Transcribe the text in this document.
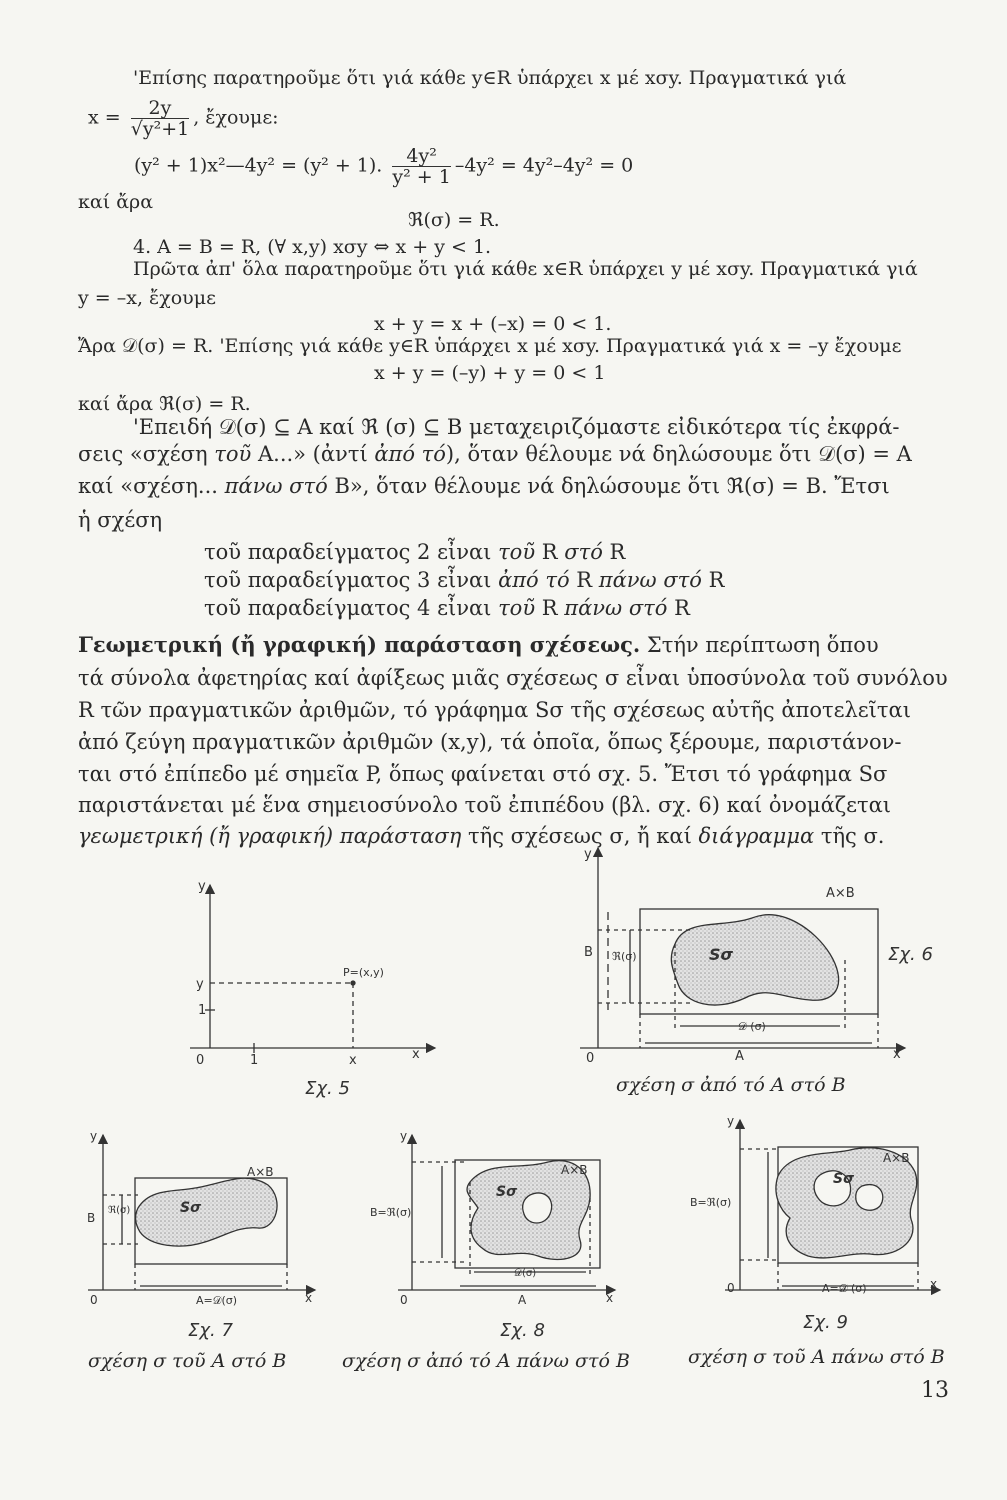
'Επίσης παρατηροῦμε ὅτι γιά κάθε y∈R ὑπάρχει x μέ xσy. Πραγματικά γιά
$x = \frac{2y}{\text{√y²+1}}$ , ἔχουμε:
(y² + 1)x²—4y² = (y² + 1). $\frac{\text{4y²}}{\text{y² + 1}} -4y^2 = 4y^2-4y^2 = 0$
καί ἄρα
ℜ(σ) = R.
4. A = B = R, (∀ x,y) xσy ⇔ x + y < 1.
Πρῶτα ἀπ' ὅλα παρατηροῦμε ὅτι γιά κάθε x∈R ὑπάρχει y μέ xσy. Πραγματικά γιά
y = –x, ἔχουμε
x + y = x + (–x) = 0 < 1.
Ἄρα 𝒟(σ) = R. 'Επίσης γιά κάθε y∈R ὑπάρχει x μέ xσy. Πραγματικά γιά x = –y ἔχουμε
x + y = (–y) + y = 0 < 1
καί ἄρα ℜ(σ) = R.
'Επειδή 𝒟(σ) ⊆ A καί ℜ (σ) ⊆ B μεταχειριζόμαστε εἰδικότερα τίς ἐκφρά-
σεις «σχέση τοῦ A...» (ἀντί ἀπό τό), ὅταν θέλουμε νά δηλώσουμε ὅτι 𝒟(σ) = A
καί «σχέση... πάνω στό B», ὅταν θέλουμε νά δηλώσουμε ὅτι ℜ(σ) = B. Ἔτσι
ἡ σχέση
τοῦ παραδείγματος 2 εἶναι τοῦ R στό R
τοῦ παραδείγματος 3 εἶναι ἀπό τό R πάνω στό R
τοῦ παραδείγματος 4 εἶναι τοῦ R πάνω στό R
Γεωμετρική (ἤ γραφική) παράσταση σχέσεως. Στήν περίπτωση ὅπου
τά σύνολα ἀφετηρίας καί ἀφίξεως μιᾶς σχέσεως σ εἶναι ὑποσύνολα τοῦ συνόλου
R τῶν πραγματικῶν ἀριθμῶν, τό γράφημα Sσ τῆς σχέσεως αὐτῆς ἀποτελεῖται
ἀπό ζεύγη πραγματικῶν ἀριθμῶν (x,y), τά ὁποῖα, ὅπως ξέρουμε, παριστάνον-
ται στό ἐπίπεδο μέ σημεῖα P, ὅπως φαίνεται στό σχ. 5. Ἔτσι τό γράφημα Sσ
παριστάνεται μέ ἕνα σημειοσύνολο τοῦ ἐπιπέδου (βλ. σχ. 6) καί ὀνομάζεται
γεωμετρική (ἤ γραφική) παράσταση τῆς σχέσεως σ, ἤ καί διάγραμμα τῆς σ.
y
y
1
0	1	x	x
P=(x,y)
Σχ. 5
y
A×B
B ℜ(σ)	Sσ
𝒟 (σ)
A
0	x
Σχ. 6
y
A×B
B
ℜ(σ)	Sσ
A=𝒟(σ)
0	x
Σχ. 7
y
A×B
B=ℜ(σ)
Sσ
𝒟(σ)
A
0	x
Σχ. 8
y
A×B
B=ℜ(σ)
Sσ
A=𝒟 (σ)
0	x
Σχ. 9
σχέση σ ἀπό τό A στό B
σχέση σ τοῦ A στό B	σχέση σ ἀπό τό A πάνω στό B	σχέση σ τοῦ A πάνω στό B
13
